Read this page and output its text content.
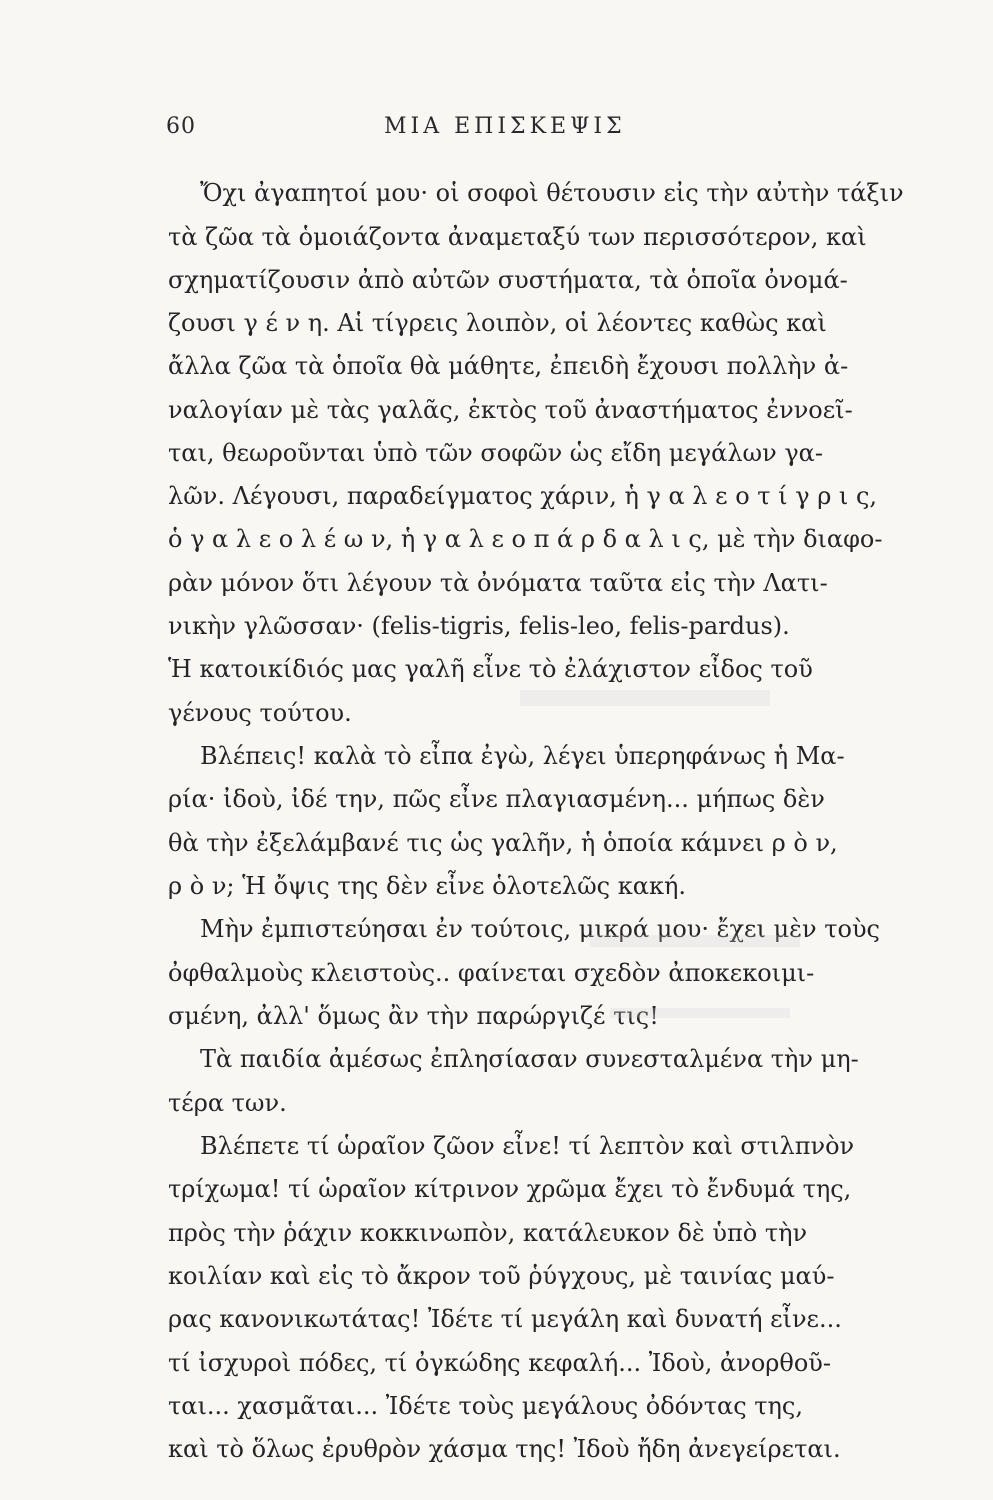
60	ΜΙΑ ΕΠΙΣΚΕΨΙΣ
Ὄχι ἀγαπητοί μου· οἱ σοφοὶ θέτουσιν εἰς τὴν αὐτὴν τάξιν
τὰ ζῶα τὰ ὁμοιάζοντα ἀναμεταξύ των περισσότερον, καὶ
σχηματίζουσιν ἀπὸ αὐτῶν συστήματα, τὰ ὁποῖα ὀνομά-
ζουσι γ έ ν η. Αἱ τίγρεις λοιπὸν, οἱ λέοντες καθὼς καὶ
ἄλλα ζῶα τὰ ὁποῖα θὰ μάθητε, ἐπειδὴ ἔχουσι πολλὴν ἀ-
ναλογίαν μὲ τὰς γαλᾶς, ἐκτὸς τοῦ ἀναστήματος ἐννοεῖ-
ται, θεωροῦνται ὑπὸ τῶν σοφῶν ὡς εἴδη μεγάλων γα-
λῶν. Λέγουσι, παραδείγματος χάριν, ἡ γ α λ ε ο τ ί γ ρ ι ς,
ὁ γ α λ ε ο λ έ ω ν, ἡ γ α λ ε ο π ά ρ δ α λ ι ς, μὲ τὴν διαφο-
ρὰν μόνον ὅτι λέγουν τὰ ὀνόματα ταῦτα εἰς τὴν Λατι-
νικὴν γλῶσσαν· (felis-tigris, felis-leo, felis-pardus).
Ἡ κατοικίδιός μας γαλῆ εἶνε τὸ ἐλάχιστον εἶδος τοῦ
γένους τούτου.
Βλέπεις! καλὰ τὸ εἶπα ἐγὼ, λέγει ὑπερηφάνως ἡ Μα-
ρία· ἰδοὺ, ἰδέ την, πῶς εἶνε πλαγιασμένη... μήπως δὲν
θὰ τὴν ἐξελάμβανέ τις ὡς γαλῆν, ἡ ὁποία κάμνει ρ ὸ ν,
ρ ὸ ν; Ἡ ὄψις της δὲν εἶνε ὁλοτελῶς κακή.
Μὴν ἐμπιστεύησαι ἐν τούτοις, μικρά μου· ἔχει μὲν τοὺς
ὀφθαλμοὺς κλειστοὺς.. φαίνεται σχεδὸν ἀποκεκοιμι-
σμένη, ἀλλ' ὅμως ἂν τὴν παρώργιζέ τις!
Τὰ παιδία ἀμέσως ἐπλησίασαν συνεσταλμένα τὴν μη-
τέρα των.
Βλέπετε τί ὡραῖον ζῶον εἶνε! τί λεπτὸν καὶ στιλπνὸν
τρίχωμα! τί ὡραῖον κίτρινον χρῶμα ἔχει τὸ ἔνδυμά της,
πρὸς τὴν ῥάχιν κοκκινωπὸν, κατάλευκον δὲ ὑπὸ τὴν
κοιλίαν καὶ εἰς τὸ ἄκρον τοῦ ῥύγχους, μὲ ταινίας μαύ-
ρας κανονικωτάτας! Ἰδέτε τί μεγάλη καὶ δυνατή εἶνε...
τί ἰσχυροὶ πόδες, τί ὀγκώδης κεφαλή... Ἰδοὺ, ἀνορθοῦ-
ται... χασμᾶται... Ἰδέτε τοὺς μεγάλους ὀδόντας της,
καὶ τὸ ὅλως ἐρυθρὸν χάσμα της! Ἰδοὺ ἤδη ἀνεγείρεται.
